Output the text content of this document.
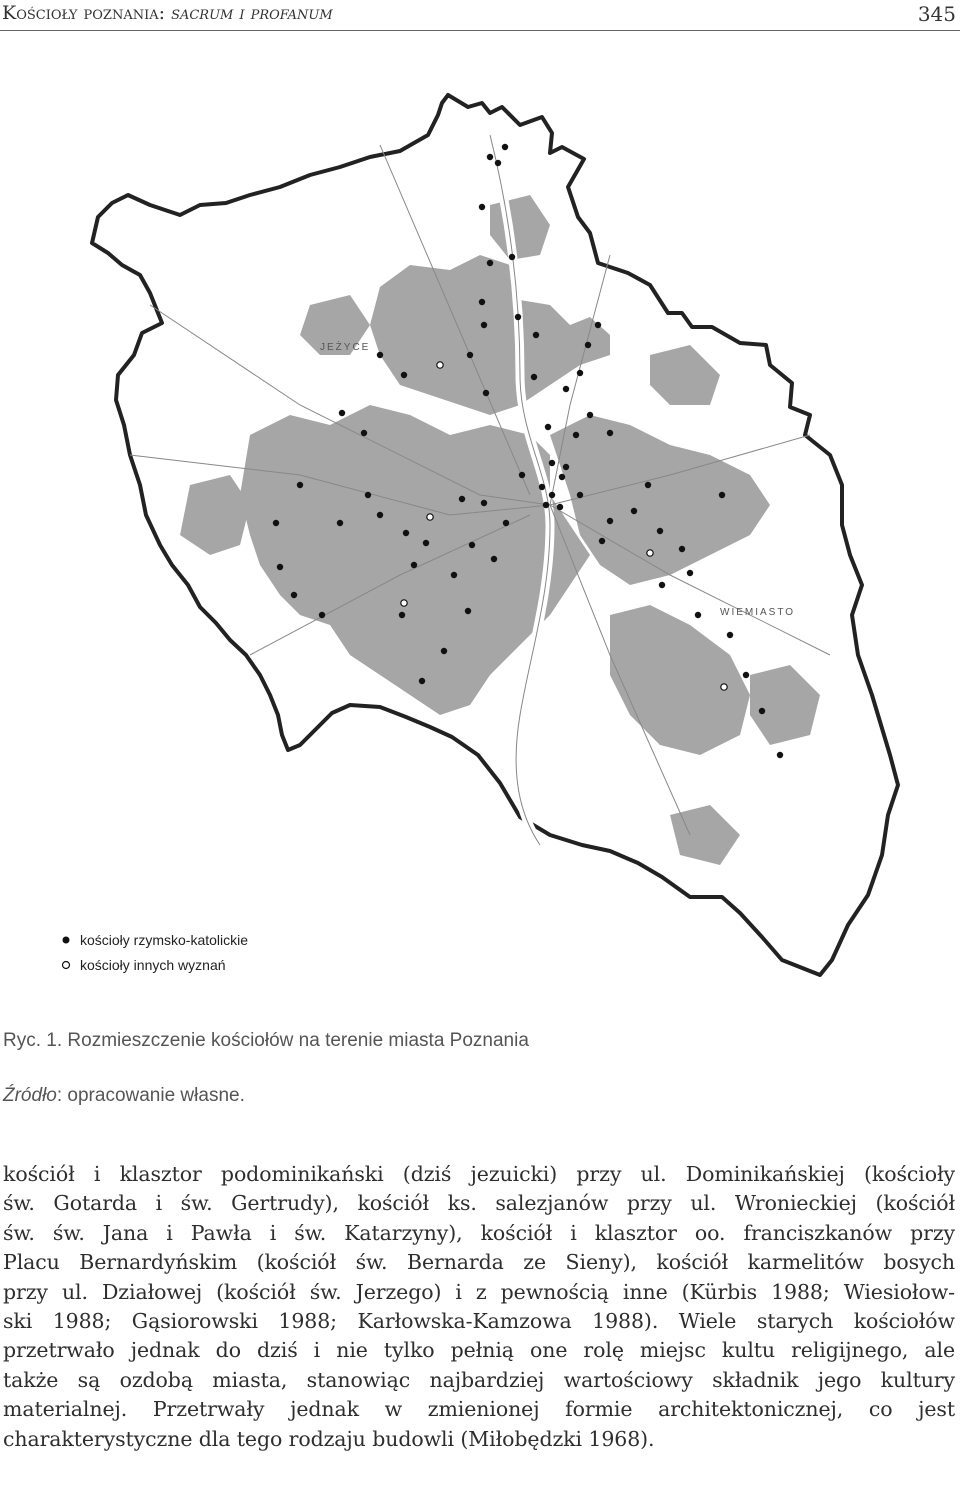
Kościoły poznania: sacrum i profanum	345
JEŻYCE
WIEMIASTO
kościoły rzymsko-katolickie
kościoły innych wyznań
Ryc. 1. Rozmieszczenie kościołów na terenie miasta Poznania
Źródło: opracowanie własne.
kościół i klasztor podominikański (dziś jezuicki) przy ul. Dominikańskiej (kościoły
św. Gotarda i św. Gertrudy), kościół ks. salezjanów przy ul. Wronieckiej (kościół
św. św. Jana i Pawła i św. Katarzyny), kościół i klasztor oo. franciszkanów przy
Placu Bernardyńskim (kościół św. Bernarda ze Sieny), kościół karmelitów bosych
przy ul. Działowej (kościół św. Jerzego) i z pewnością inne (Kürbis 1988; Wiesiołow-
ski 1988; Gąsiorowski 1988; Karłowska-Kamzowa 1988). Wiele starych kościołów
przetrwało jednak do dziś i nie tylko pełnią one rolę miejsc kultu religijnego, ale
także są ozdobą miasta, stanowiąc najbardziej wartościowy składnik jego kultury
materialnej. Przetrwały jednak w zmienionej formie architektonicznej, co jest
charakterystyczne dla tego rodzaju budowli (Miłobędzki 1968).
